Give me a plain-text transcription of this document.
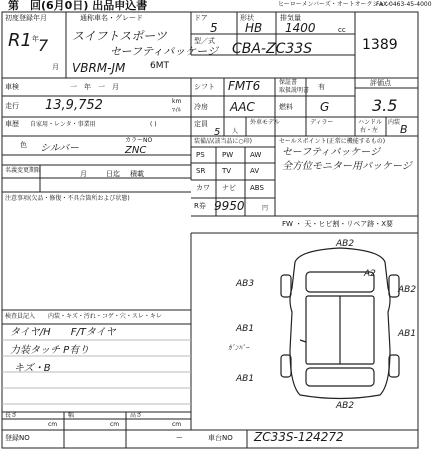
第　回(6月0日) 出品申込書	ヒーローメンバーズ・オートオークション
FAX 0463-45-4000
初度登録年月
R1 年 7
月
通称車名・グレード
スイフトスポーツ
セーフティパッケージ
VBRM-JM	6MT
ドア
5
形状
HB
排気量
1400	cc
型／式 CBA-ZC33S	1389
車検	一　年　一　月
走行 13,9,752	km
ﾏｲﾙ
シフト FMT6	保証書
取扱説明書 有	評価点
3.5
冷房 AAC	燃料 G
車歴 自家用・レンタ・事業用	( )	定員
5 人
外車モデル	ディラー	ハンドル
右・左
内装
B
色 シルバー
カラーNO
ZNC
装備品(該当品に○印)
PS PW AW
SR TV	AV
カワ ナビ ABS
R券 9950	円
セールスポイント(正常に機能するもの)
セーフティパッケージ
全方位モニター用パッケージ
名義変更期限	月	日迄 積載
注意事項(欠品・修復・不具合箇所および状態)
FW ・ 天・ヒビ割・リペア跡・X要
AB2
AB3
AB1
ｶﾞﾝﾊﾟｰ
AB1
AB2
AB1
AB2
A2
検査員記入 内装・キズ・汚れ・コゲ・穴・スレ・キレ
タイヤ/H　　F/Tタイヤ
力装タッチ P有り
キズ・B
長さ
cm
幅
cm
高さ
cm
登録NO	ー	車台NO ZC33S-124272
